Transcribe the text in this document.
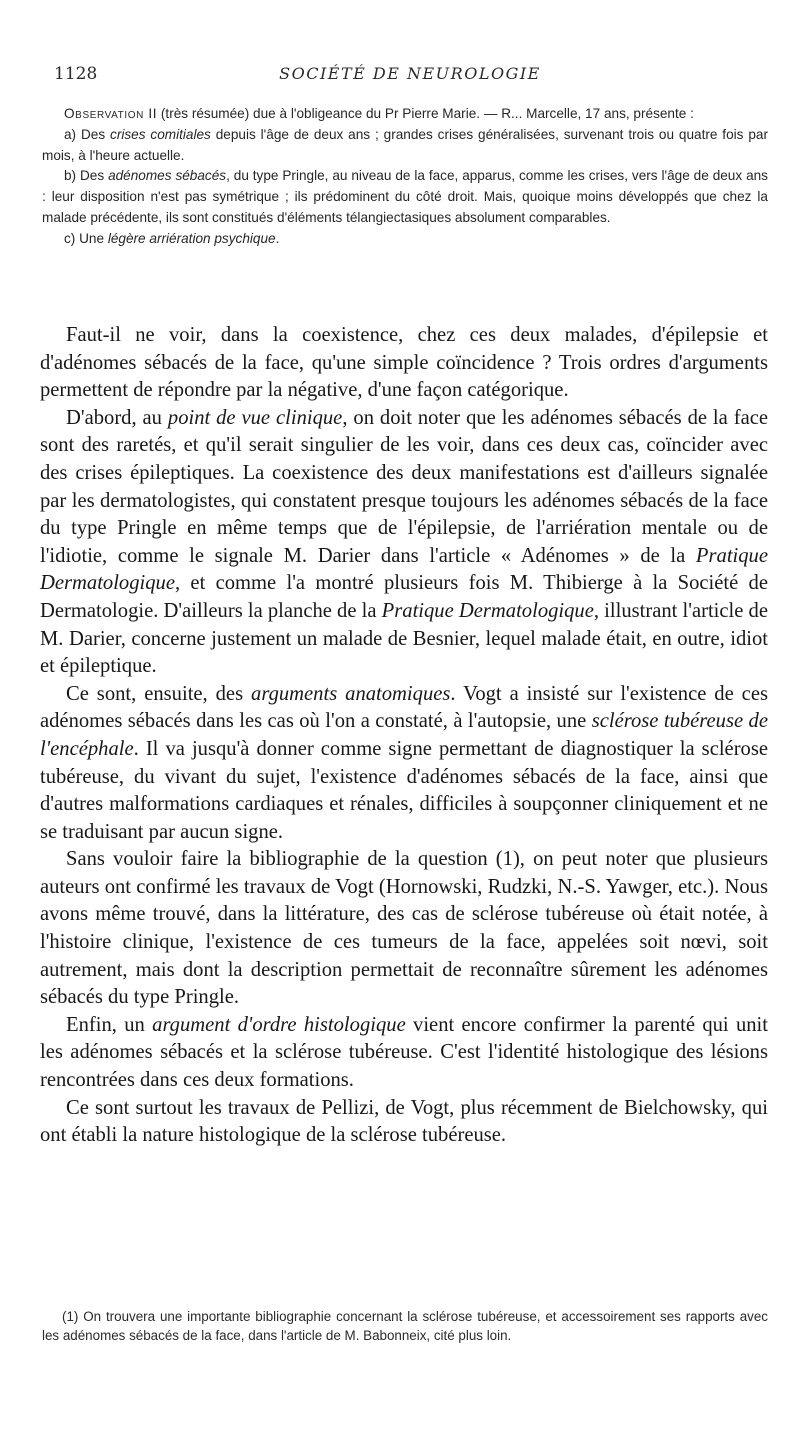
1128	SOCIÉTÉ DE NEUROLOGIE

Observation II (très résumée) due à l'obligeance du Pr Pierre Marie. — R... Marcelle, 17 ans, présente :

a) Des crises comitiales depuis l'âge de deux ans ; grandes crises généralisées, survenant trois ou quatre fois par mois, à l'heure actuelle.

b) Des adénomes sébacés, du type Pringle, au niveau de la face, apparus, comme les crises, vers l'âge de deux ans : leur disposition n'est pas symétrique ; ils prédominent du côté droit. Mais, quoique moins développés que chez la malade précédente, ils sont constitués d'éléments télangiectasiques absolument comparables.

c) Une légère arriération psychique.

Faut-il ne voir, dans la coexistence, chez ces deux malades, d'épilepsie et d'adénomes sébacés de la face, qu'une simple coïncidence ? Trois ordres d'arguments permettent de répondre par la négative, d'une façon catégorique.

D'abord, au point de vue clinique, on doit noter que les adénomes sébacés de la face sont des raretés, et qu'il serait singulier de les voir, dans ces deux cas, coïncider avec des crises épileptiques. La coexistence des deux manifestations est d'ailleurs signalée par les dermatologistes, qui constatent presque toujours les adénomes sébacés de la face du type Pringle en même temps que de l'épilepsie, de l'arriération mentale ou de l'idiotie, comme le signale M. Darier dans l'article « Adénomes » de la Pratique Dermatologique, et comme l'a montré plusieurs fois M. Thibierge à la Société de Dermatologie. D'ailleurs la planche de la Pratique Dermatologique, illustrant l'article de M. Darier, concerne justement un malade de Besnier, lequel malade était, en outre, idiot et épileptique.

Ce sont, ensuite, des arguments anatomiques. Vogt a insisté sur l'existence de ces adénomes sébacés dans les cas où l'on a constaté, à l'autopsie, une sclérose tubéreuse de l'encéphale. Il va jusqu'à donner comme signe permettant de diagnostiquer la sclérose tubéreuse, du vivant du sujet, l'existence d'adénomes sébacés de la face, ainsi que d'autres malformations cardiaques et rénales, difficiles à soupçonner cliniquement et ne se traduisant par aucun signe.

Sans vouloir faire la bibliographie de la question (1), on peut noter que plusieurs auteurs ont confirmé les travaux de Vogt (Hornowski, Rudzki, N.-S. Yawger, etc.). Nous avons même trouvé, dans la littérature, des cas de sclérose tubéreuse où était notée, à l'histoire clinique, l'existence de ces tumeurs de la face, appelées soit nœvi, soit autrement, mais dont la description permettait de reconnaître sûrement les adénomes sébacés du type Pringle.

Enfin, un argument d'ordre histologique vient encore confirmer la parenté qui unit les adénomes sébacés et la sclérose tubéreuse. C'est l'identité histologique des lésions rencontrées dans ces deux formations.

Ce sont surtout les travaux de Pellizi, de Vogt, plus récemment de Bielchowsky, qui ont établi la nature histologique de la sclérose tubéreuse.

(1) On trouvera une importante bibliographie concernant la sclérose tubéreuse, et accessoirement ses rapports avec les adénomes sébacés de la face, dans l'article de M. Babonneix, cité plus loin.
